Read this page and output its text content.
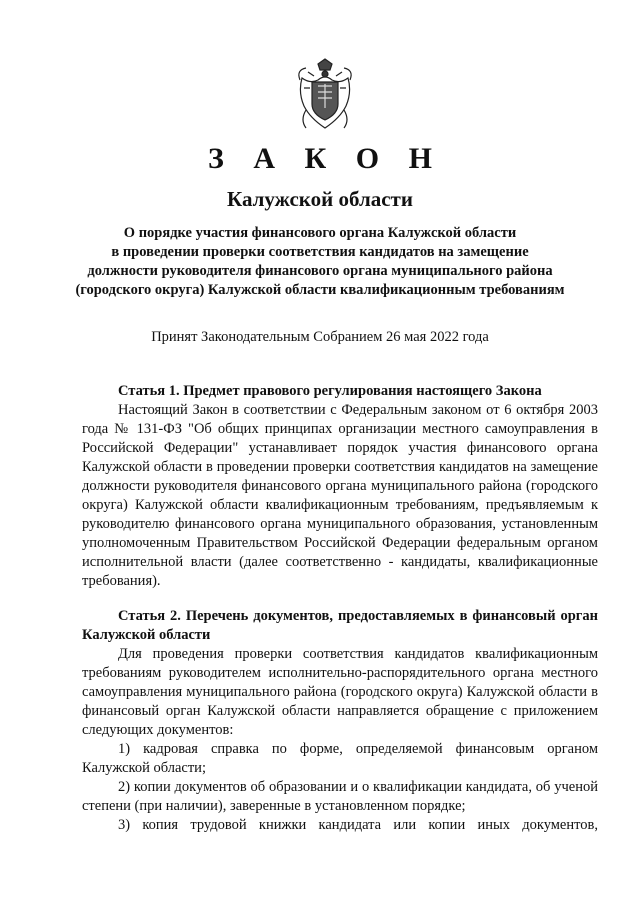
З А К О Н
Калужской области
О порядке участия финансового органа Калужской области
в проведении проверки соответствия кандидатов на замещение
должности руководителя финансового органа муниципального района
(городского округа) Калужской области квалификационным требованиям
Принят Законодательным Собранием 26 мая 2022 года
Статья 1. Предмет правового регулирования настоящего Закона

Настоящий Закон в соответствии с Федеральным законом от 6 октября 2003 года № 131-ФЗ "Об общих принципах организации местного самоуправления в Российской Федерации" устанавливает порядок участия финансового органа Калужской области в проведении проверки соответствия кандидатов на замещение должности руководителя финансового органа муниципального района (городского округа) Калужской области квалификационным требованиям, предъявляемым к руководителю финансового органа муниципального образования, установленным уполномоченным Правительством Российской Федерации федеральным органом исполнительной власти (далее соответственно - кандидаты, квалификационные требования).

Статья 2. Перечень документов, предоставляемых в финансовый орган Калужской области

Для проведения проверки соответствия кандидатов квалификационным требованиям руководителем исполнительно-распорядительного органа местного самоуправления муниципального района (городского округа) Калужской области в финансовый орган Калужской области направляется обращение с приложением следующих документов:

1) кадровая справка по форме, определяемой финансовым органом Калужской области;

2) копии документов об образовании и о квалификации кандидата, об ученой степени (при наличии), заверенные в установленном порядке;

3) копия трудовой книжки кандидата или копии иных документов,
